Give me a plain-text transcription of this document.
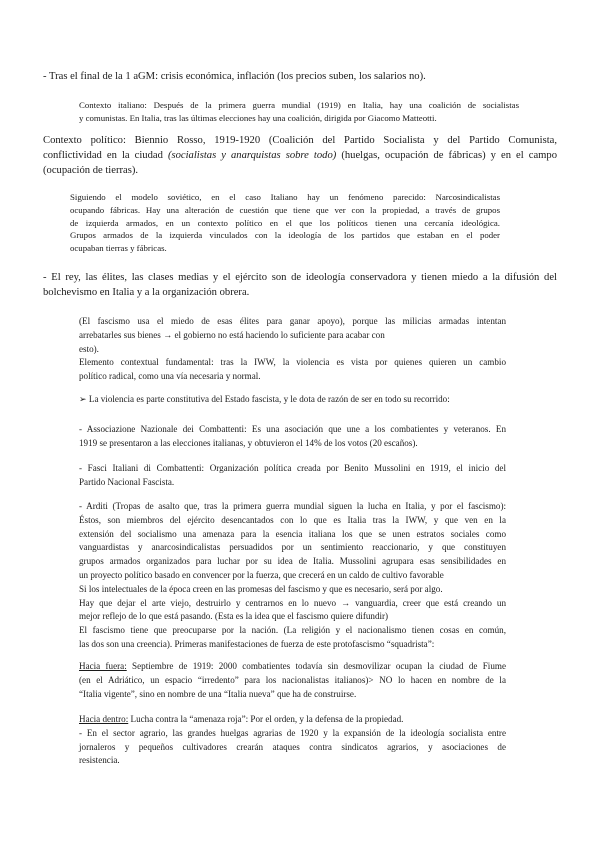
- Tras el final de la 1 aGM: crisis económica, inflación (los precios suben, los salarios no).

Contexto italiano: Después de la primera guerra mundial (1919) en Italia, hay una coalición de socialistas
y comunistas. En Italia, tras las últimas elecciones hay una coalición, dirigida por Giacomo Matteotti.

Contexto político: Biennio Rosso, 1919-1920 (Coalición del Partido Socialista y del Partido Comunista,
conflictividad en la ciudad (socialistas y anarquistas sobre todo) (huelgas, ocupación de fábricas) y en el campo
(ocupación de tierras).

Siguiendo el modelo soviético, en el caso Italiano hay un fenómeno parecido: Narcosindicalistas
ocupando fábricas. Hay una alteración de cuestión que tiene que ver con la propiedad, a través de grupos
de izquierda armados, en un contexto político en el que los políticos tienen una cercanía ideológica.
Grupos armados de la izquierda vinculados con la ideología de los partidos que estaban en el poder
ocupaban tierras y fábricas.

- El rey, las élites, las clases medias y el ejército son de ideología conservadora y tienen miedo a la difusión del
bolchevismo en Italia y a la organización obrera.

(El fascismo usa el miedo de esas élites para ganar apoyo), porque las milicias armadas intentan
arrebatarles sus bienes → el gobierno no está haciendo lo suficiente para acabar con
esto).
Elemento contextual fundamental: tras la IWW, la violencia es vista por quienes quieren un cambio
político radical, como una vía necesaria y normal.

➢ La violencia es parte constitutiva del Estado fascista, y le dota de razón de ser en todo su recorrido:

- Associazione Nazionale dei Combattenti: Es una asociación que une a los combatientes y veteranos. En
1919 se presentaron a las elecciones italianas, y obtuvieron el 14% de los votos (20 escaños).

- Fasci Italiani di Combattenti: Organización política creada por Benito Mussolini en 1919, el inicio del
Partido Nacional Fascista.

- Arditi (Tropas de asalto que, tras la primera guerra mundial siguen la lucha en Italia, y por el fascismo):
Éstos, son miembros del ejército desencantados con lo que es Italia tras la IWW, y que ven en la
extensión del socialismo una amenaza para la esencia italiana los que se unen estratos sociales como
vanguardistas y anarcosindicalistas persuadidos por un sentimiento reaccionario, y que constituyen
grupos armados organizados para luchar por su idea de Italia. Mussolini agrupara esas sensibilidades en
un proyecto político basado en convencer por la fuerza, que crecerá en un caldo de cultivo favorable
Si los intelectuales de la época creen en las promesas del fascismo y que es necesario, será por algo.
Hay que dejar el arte viejo, destruirlo y centrarnos en lo nuevo → vanguardia, creer que está creando un
mejor reflejo de lo que está pasando. (Esta es la idea que el fascismo quiere difundir)
El fascismo tiene que preocuparse por la nación. (La religión y el nacionalismo tienen cosas en común,
las dos son una creencia). Primeras manifestaciones de fuerza de este protofascismo “squadrista”:

Hacia fuera: Septiembre de 1919: 2000 combatientes todavía sin desmovilizar ocupan la ciudad de Fiume
(en el Adriático, un espacio “irredento” para los nacionalistas italianos)> NO lo hacen en nombre de la
“Italia vigente”, sino en nombre de una “Italia nueva” que ha de construirse.

Hacia dentro: Lucha contra la “amenaza roja”: Por el orden, y la defensa de la propiedad.
- En el sector agrario, las grandes huelgas agrarias de 1920 y la expansión de la ideología socialista entre
jornaleros y pequeños cultivadores crearán ataques contra sindicatos agrarios, y asociaciones de
resistencia.
